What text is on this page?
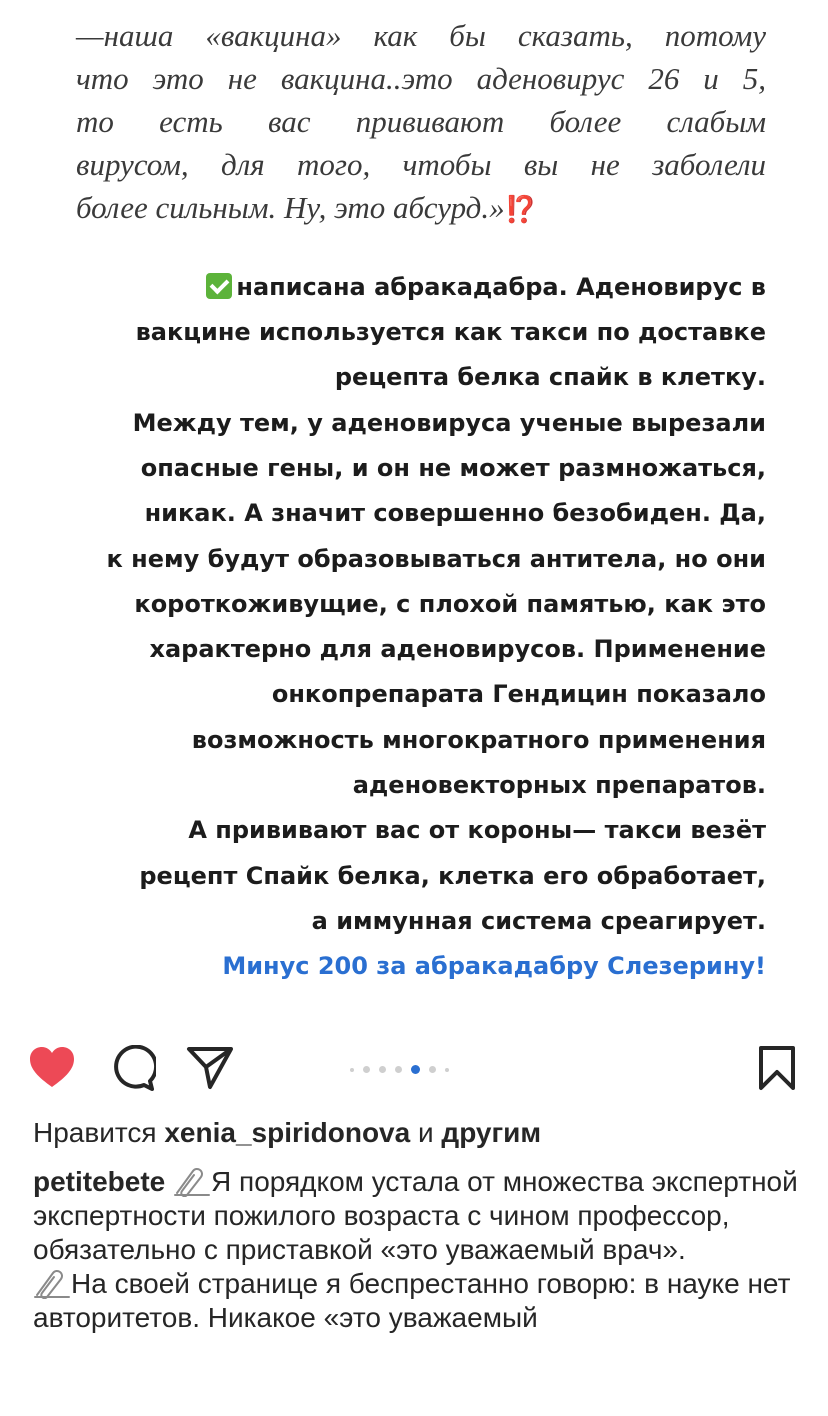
—наша «вакцина» как бы сказать, потому
что это не вакцина..это аденовирус 26 и 5,
то есть вас прививают более слабым
вирусом, для того, чтобы вы не заболели
более сильным. Ну, это абсурд.»⁉️
написана абракадабра. Аденовирус в
вакцине используется как такси по доставке
рецепта белка спайк в клетку.
Между тем, у аденовируса ученые вырезали
опасные гены, и он не может размножаться,
никак. А значит совершенно безобиден. Да,
к нему будут образовываться антитела, но они
короткоживущие, с плохой памятью, как это
характерно для аденовирусов. Применение
онкопрепарата Гендицин показало
возможность многократного применения
аденовекторных препаратов.
А прививают вас от короны— такси везёт
рецепт Спайк белка, клетка его обработает,
а иммунная система среагирует.
Минус 200 за абракадабру Слезерину!
Нравится xenia_spiridonova и другим

petitebete Я порядком устала от множества экспертной экспертности пожилого возраста с чином профессор, обязательно с приставкой «это уважаемый врач».

На своей странице я беспрестанно говорю: в науке нет авторитетов. Никакое «это уважаемый
